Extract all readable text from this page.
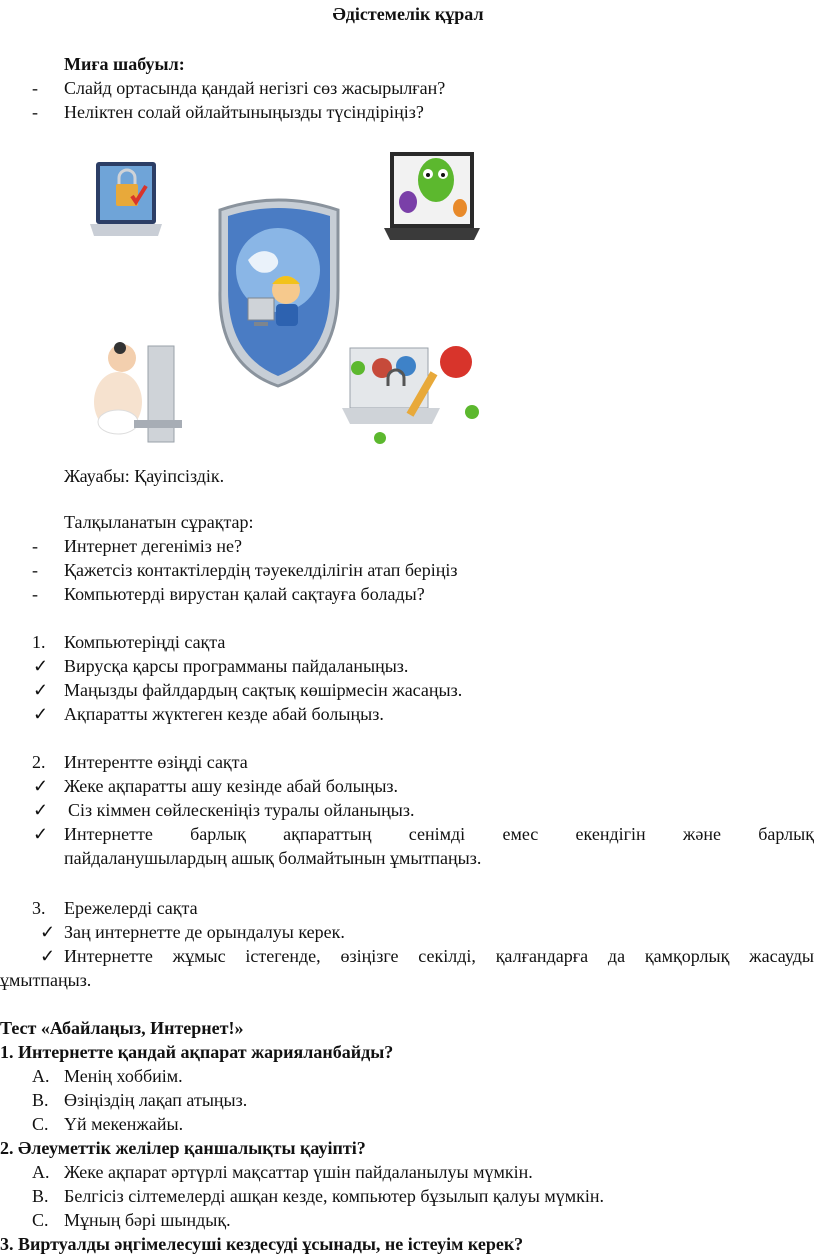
Әдістемелік құрал
Миға шабуыл:
- Слайд ортасында қандай негізгі сөз жасырылған?
- Неліктен солай ойлайтыныңызды түсіндіріңіз?
Жауабы: Қауіпсіздік.
Талқыланатын сұрақтар:
- Интернет дегеніміз не?
- Қажетсіз контактілердің тәуекелділігін атап беріңіз
- Компьютерді вирустан қалай сақтауға болады?
1. Компьютеріңді сақта
✓ Вирусқа қарсы программаны пайдаланыңыз.
✓ Маңызды файлдардың сақтық көшірмесін жасаңыз.
✓ Ақпаратты жүктеген кезде абай болыңыз.
2. Интерентте өзіңді сақта
✓ Жеке ақпаратты ашу кезінде абай болыңыз.
✓ Сіз кіммен сөйлескеніңіз туралы ойланыңыз.
✓ Интернетте барлық ақпараттың сенімді емес екендігін және барлық
пайдаланушылардың ашық болмайтынын ұмытпаңыз.
3. Ережелерді сақта
✓ Заң интернетте де орындалуы керек.
✓ Интернетте жұмыс істегенде, өзіңізге секілді, қалғандарға да қамқорлық жасауды
ұмытпаңыз.
Тест «Абайлаңыз, Интернет!»
1. Интернетте қандай ақпарат жарияланбайды?
A. Менің хоббиім.
B. Өзіңіздің лақап атыңыз.
C. Үй мекенжайы.
2. Әлеуметтік желілер қаншалықты қауіпті?
A. Жеке ақпарат әртүрлі мақсаттар үшін пайдаланылуы мүмкін.
B. Белгісіз сілтемелерді ашқан кезде, компьютер бұзылып қалуы мүмкін.
C. Мұның бәрі шындық.
3. Виртуалды әңгімелесуші кездесуді ұсынады, не істеуім керек?
